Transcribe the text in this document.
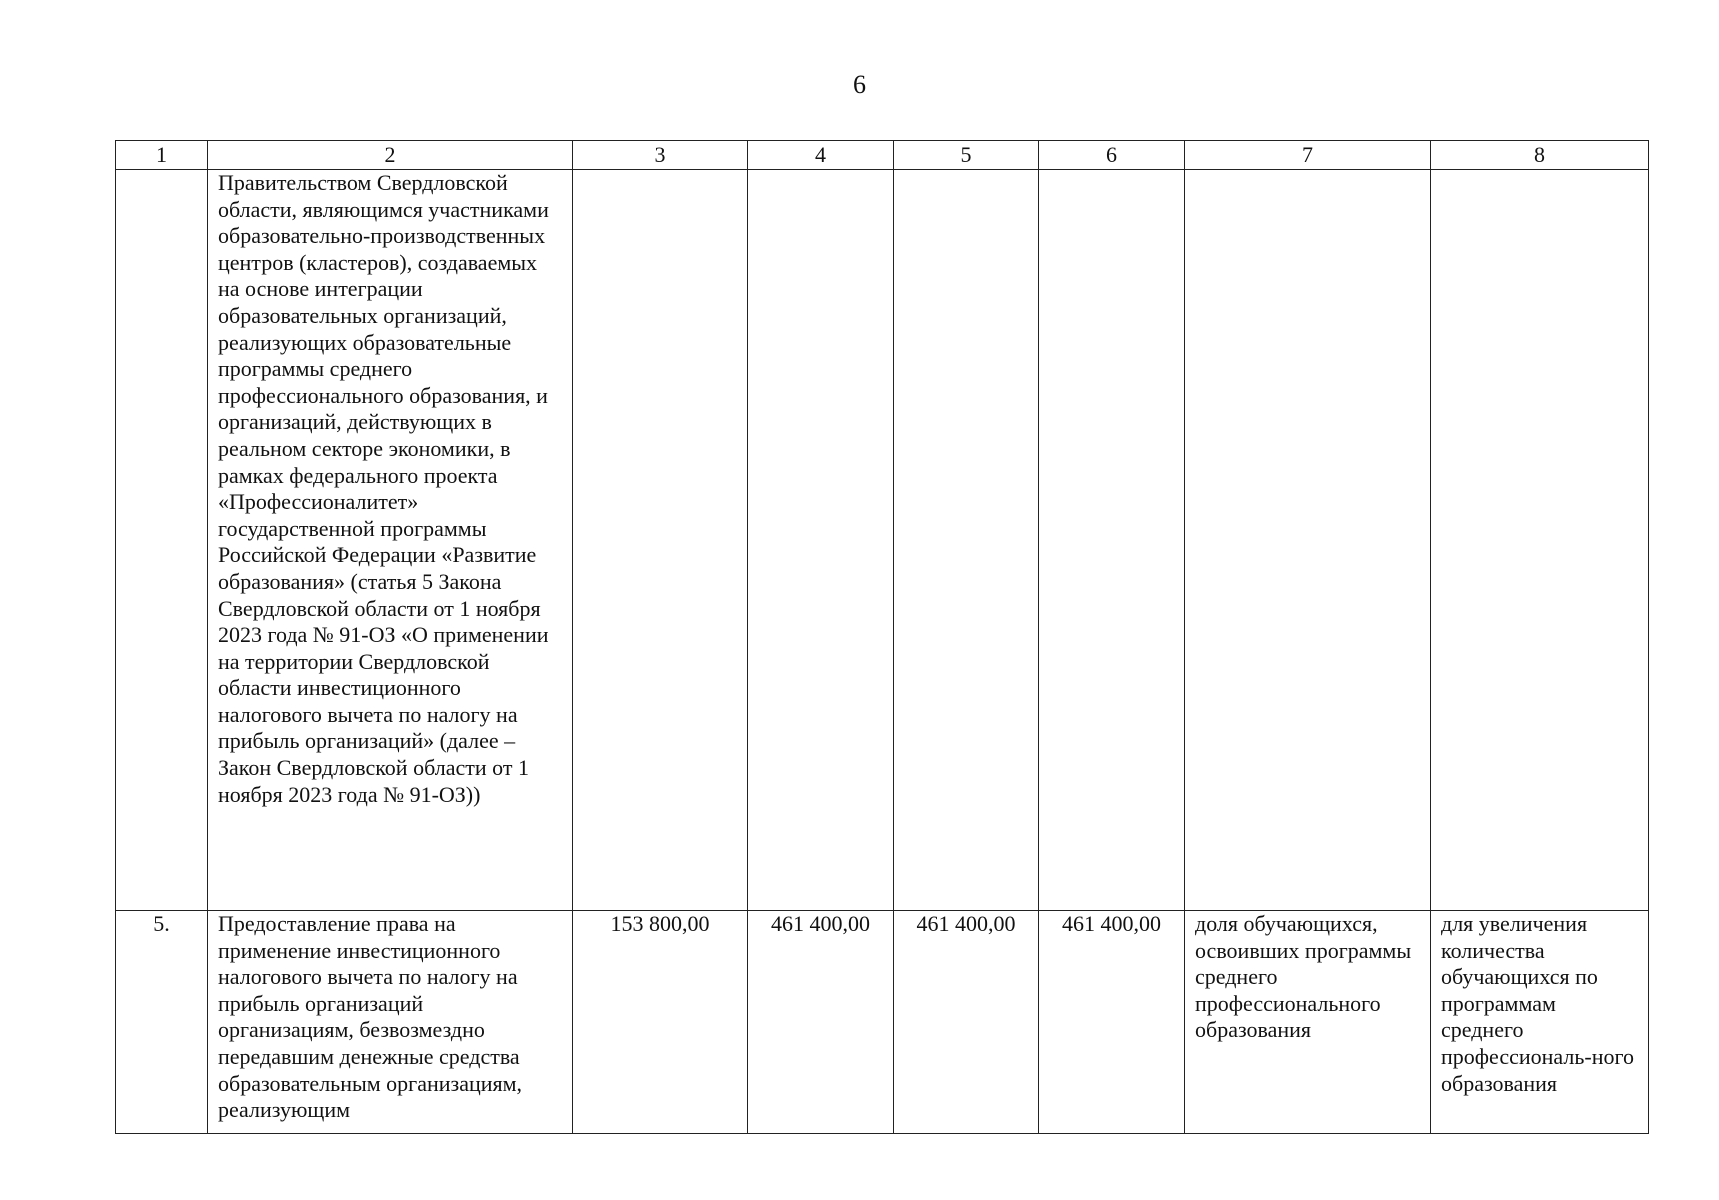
6
1	2	3	4	5	6	7	8
	Правительством Свердловской области, являющимся участниками образовательно-производственных центров (кластеров), создаваемых на основе интеграции образовательных организаций, реализующих образовательные программы среднего профессионального образования, и организаций, действующих в реальном секторе экономики, в рамках федерального проекта «Профессионалитет» государственной программы Российской Федерации «Развитие образования» (статья 5 Закона Свердловской области от 1 ноября 2023 года № 91-ОЗ «О применении на территории Свердловской области инвестиционного налогового вычета по налогу на прибыль организаций» (далее – Закон Свердловской области от 1 ноября 2023 года № 91-ОЗ))						
5.	Предоставление права на применение инвестиционного налогового вычета по налогу на прибыль организаций организациям, безвозмездно передавшим денежные средства образовательным организациям, реализующим	153 800,00	461 400,00	461 400,00	461 400,00	доля обучающихся, освоивших программы среднего профессионального образования	для увеличения количества обучающихся по программам среднего профессиональ-ного образования
